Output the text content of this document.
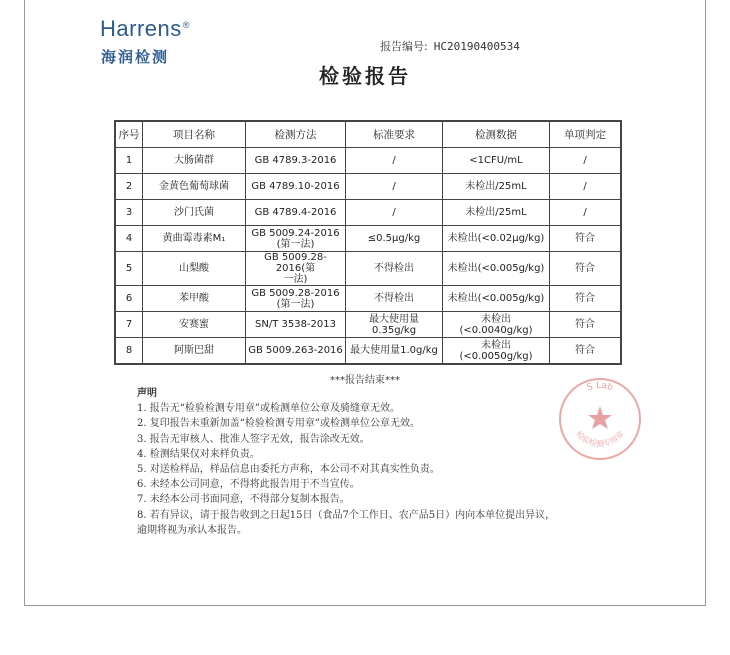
Harrens®
海润检测
报告编号: HC20190400534
检验报告
序号	项目名称	检测方法	标准要求	检测数据	单项判定
1	大肠菌群	GB 4789.3-2016	/	<1CFU/mL	/
2	金黄色葡萄球菌	GB 4789.10-2016	/	未检出/25mL	/
3	沙门氏菌	GB 4789.4-2016	/	未检出/25mL	/
4	黄曲霉毒素M₁	GB 5009.24-2016
(第一法)	≤0.5μg/kg	未检出(<0.02μg/kg)	符合
5	山梨酸	GB 5009.28-2016(第
一法)	不得检出	未检出(<0.005g/kg)	符合
6	苯甲酸	GB 5009.28-2016
(第一法)	不得检出	未检出(<0.005g/kg)	符合
7	安赛蜜	SN/T 3538-2013	最大使用量0.35g/kg	未检出(<0.0040g/kg)	符合
8	阿斯巴甜	GB 5009.263-2016	最大使用量1.0g/kg	未检出(<0.0050g/kg)	符合
***报告结束***
声明
1. 报告无“检验检测专用章”或检测单位公章及骑缝章无效。
2. 复印报告未重新加盖“检验检测专用章”或检测单位公章无效。
3. 报告无审核人、批准人签字无效，报告涂改无效。
4. 检测结果仅对来样负责。
5. 对送检样品，样品信息由委托方声称，本公司不对其真实性负责。
6. 未经本公司同意，不得将此报告用于不当宣传。
7. 未经本公司书面同意，不得部分复制本报告。
8. 若有异议，请于报告收到之日起15日（食品7个工作日、农产品5日）内向本单位提出异议，
逾期将视为承认本报告。
S Lab
检验检测专用章
